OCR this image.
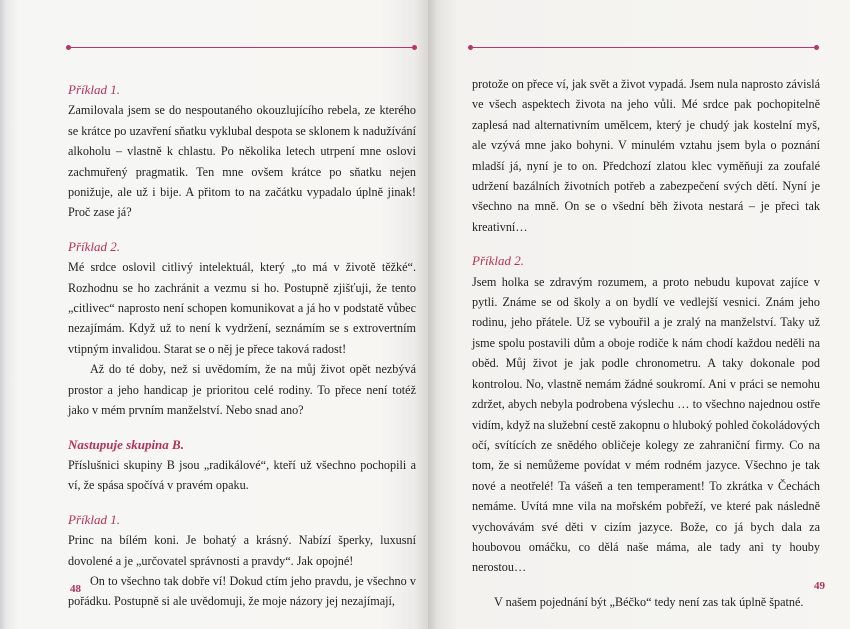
Příklad 1.

Zamilovala jsem se do nespoutaného okouzlujícího rebela, ze kterého se krátce po uzavření sňatku vyklubal despota se sklonem k nadužívání alkoholu – vlastně k chlastu. Po několika letech utrpení mne oslovi zachmuřený pragmatik. Ten mne ovšem krátce po sňatku nejen ponižuje, ale už i bije. A přitom to na začátku vypadalo úplně jinak! Proč zase já?

Příklad 2.

Mé srdce oslovil citlivý intelektuál, který „to má v životě těžké“. Rozhodnu se ho zachránit a vezmu si ho. Postupně zjišťuji, že tento „citlivec“ naprosto není schopen komunikovat a já ho v podstatě vůbec nezajímám. Když už to není k vydržení, seznámím se s extrovertním vtipným invalidou. Starat se o něj je přece taková radost!

Až do té doby, než si uvědomím, že na můj život opět nezbývá prostor a jeho handicap je prioritou celé rodiny. To přece není totéž jako v mém prvním manželství. Nebo snad ano?

Nastupuje skupina B.

Příslušnici skupiny B jsou „radikálové“, kteří už všechno pochopili a ví, že spása spočívá v pravém opaku.

Příklad 1.

Princ na bílém koni. Je bohatý a krásný. Nabízí šperky, luxusní dovolené a je „určovatel správnosti a pravdy“. Jak opojné!

On to všechno tak dobře ví! Dokud ctím jeho pravdu, je všechno v pořádku. Postupně si ale uvědomuji, že moje názory jej nezajímají,

48

protože on přece ví, jak svět a život vypadá. Jsem nula naprosto závislá ve všech aspektech života na jeho vůli. Mé srdce pak pochopitelně zaplesá nad alternativním umělcem, který je chudý jak kostelní myš, ale vzývá mne jako bohyni. V minulém vztahu jsem byla o poznání mladší já, nyní je to on. Předchozí zlatou klec vyměňuji za zoufalé udržení bazálních životních potřeb a zabezpečení svých dětí. Nyní je všechno na mně. On se o všední běh života nestará – je přeci tak kreativní…

Příklad 2.

Jsem holka se zdravým rozumem, a proto nebudu kupovat zajíce v pytli. Známe se od školy a on bydlí ve vedlejší vesnici. Znám jeho rodinu, jeho přátele. Už se vybouřil a je zralý na manželství. Taky už jsme spolu postavili dům a oboje rodiče k nám chodí každou neděli na oběd. Můj život je jak podle chronometru. A taky dokonale pod kontrolou. No, vlastně nemám žádné soukromí. Ani v práci se nemohu zdržet, abych nebyla podrobena výslechu … to všechno najednou ostře vidím, když na služební cestě zakopnu o hluboký pohled čokoládových očí, svítících ze snědého obličeje kolegy ze zahraniční firmy. Co na tom, že si nemůžeme povídat v mém rodném jazyce. Všechno je tak nové a neotřelé! Ta vášeň a ten temperament! To zkrátka v Čechách nemáme. Uvítá mne vila na mořském pobřeží, ve které pak následně vychovávám své děti v cizím jazyce. Bože, co já bych dala za houbovou omáčku, co dělá naše máma, ale tady ani ty houby nerostou…

V našem pojednání být „Béčko“ tedy není zas tak úplně špatné.

49
